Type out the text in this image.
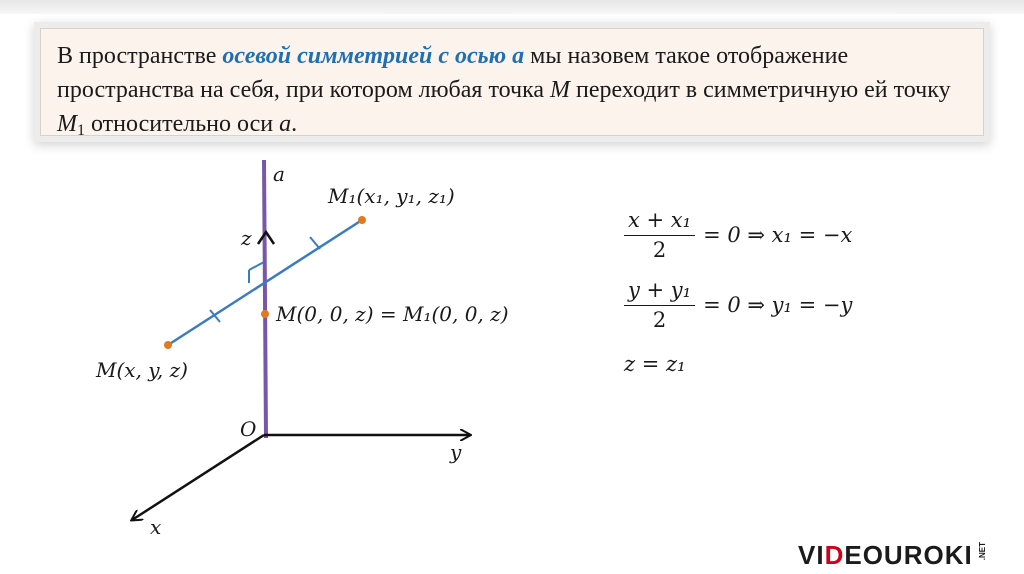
В пространстве осевой симметрией с осью a мы назовем такое отображение пространства на себя, при котором любая точка M переходит в симметричную ей точку $M_1$ относительно оси a.
a
z
y
x
O
M(x, y, z)
M₁(x₁, y₁, z₁)
M(0, 0, z) = M₁(0, 0, z)
$\frac{\text{x + x₁}}{2} = 0$ ⇒ x₁ = −x
$\frac{\text{y + y₁}}{2} = 0$ ⇒ y₁ = −y
z = z₁
VIDEOUROKI .NET
